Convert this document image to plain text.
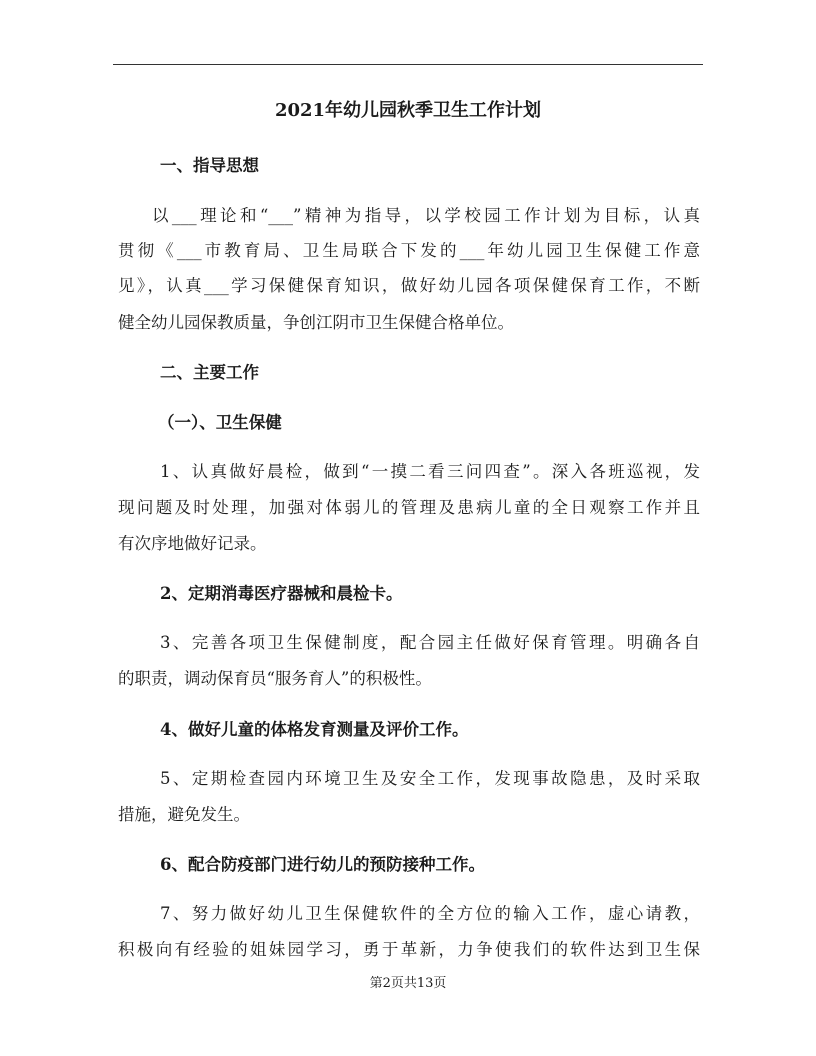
2021年幼儿园秋季卫生工作计划
一、指导思想
以___理论和“___”精神为指导，以学校园工作计划为目标，认真
贯彻《___市教育局、卫生局联合下发的___年幼儿园卫生保健工作意
见》，认真___学习保健保育知识，做好幼儿园各项保健保育工作，不断
健全幼儿园保教质量，争创江阴市卫生保健合格单位。
二、主要工作
（一）、卫生保健
1、认真做好晨检，做到“一摸二看三问四查”。深入各班巡视，发
现问题及时处理，加强对体弱儿的管理及患病儿童的全日观察工作并且
有次序地做好记录。
2、定期消毒医疗器械和晨检卡。
3、完善各项卫生保健制度，配合园主任做好保育管理。明确各自
的职责，调动保育员“服务育人”的积极性。
4、做好儿童的体格发育测量及评价工作。
5、定期检查园内环境卫生及安全工作，发现事故隐患，及时采取
措施，避免发生。
6、配合防疫部门进行幼儿的预防接种工作。
7、努力做好幼儿卫生保健软件的全方位的输入工作，虚心请教，
积极向有经验的姐妹园学习，勇于革新，力争使我们的软件达到卫生保
第2页共13页
